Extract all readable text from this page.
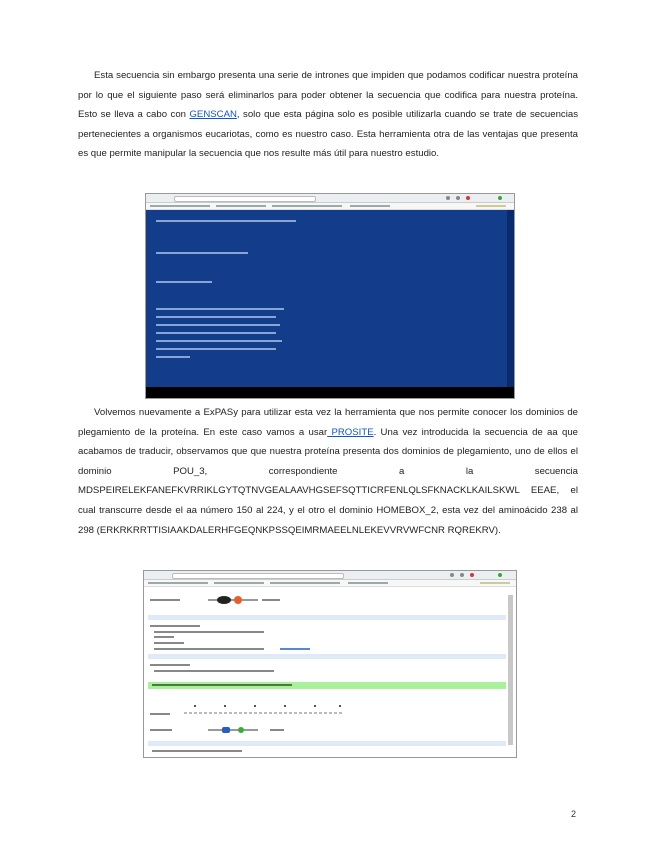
Esta secuencia sin embargo presenta una serie de intrones que impiden que podamos codificar nuestra proteína por lo que el siguiente paso será eliminarlos para poder obtener la secuencia que codifica para nuestra proteína. Esto se lleva a cabo con GENSCAN, solo que esta página solo es posible utilizarla cuando se trate de secuencias pertenecientes a organismos eucariotas, como es nuestro caso. Esta herramienta otra de las ventajas que presenta es que permite manipular la secuencia que nos resulte más útil para nuestro estudio.

Volvemos nuevamente a ExPASy para utilizar esta vez la herramienta que nos permite conocer los dominios de plegamiento de la proteína. En este caso vamos a usar PROSITE. Una vez introducida la secuencia de aa que acabamos de traducir, observamos que que nuestra proteína presenta dos dominios de plegamiento, uno de ellos el dominio POU_3, correspondiente a la secuencia MDSPEIRELEKFANEFKVRRIKLGYTQTNVGEALAAVHGSEFSQTTICRFENLQLSFKNACKLKAILSKWL EEAE, el cual transcurre desde el aa número 150 al 224, y el otro el dominio HOMEBOX_2, esta vez del aminoácido 238 al 298 (ERKRKRRTTISIAAKDALERHFGEQNKPSSQEIMRMAEELNLEKEVVRVWFCNR RQREKRV).

2
